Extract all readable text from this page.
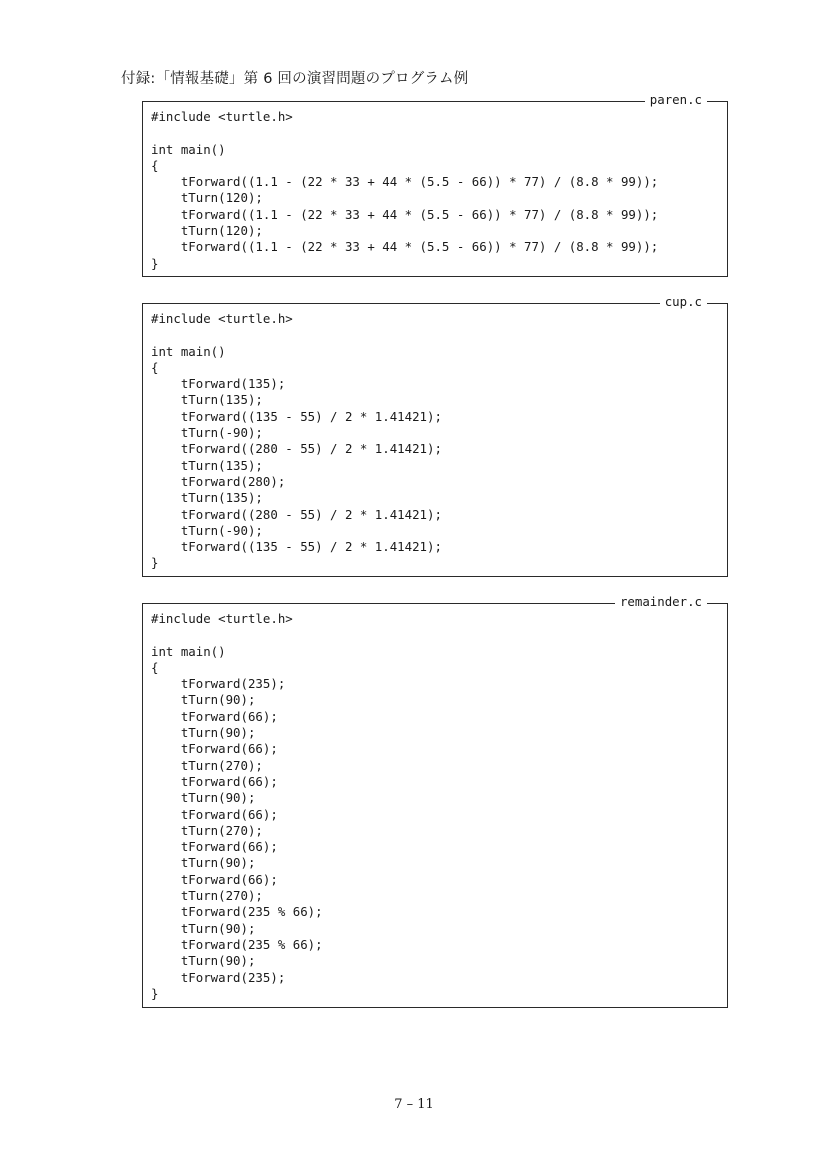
付録:「情報基礎」第 6 回の演習問題のプログラム例
paren.c
#include <turtle.h>

int main()
{
tForward((1.1 - (22 * 33 + 44 * (5.5 - 66)) * 77) / (8.8 * 99));
tTurn(120);
tForward((1.1 - (22 * 33 + 44 * (5.5 - 66)) * 77) / (8.8 * 99));
tTurn(120);
tForward((1.1 - (22 * 33 + 44 * (5.5 - 66)) * 77) / (8.8 * 99));
}
cup.c
#include <turtle.h>

int main()
{
tForward(135);
tTurn(135);
tForward((135 - 55) / 2 * 1.41421);
tTurn(-90);
tForward((280 - 55) / 2 * 1.41421);
tTurn(135);
tForward(280);
tTurn(135);
tForward((280 - 55) / 2 * 1.41421);
tTurn(-90);
tForward((135 - 55) / 2 * 1.41421);
}
remainder.c
#include <turtle.h>

int main()
{
tForward(235);
tTurn(90);
tForward(66);
tTurn(90);
tForward(66);
tTurn(270);
tForward(66);
tTurn(90);
tForward(66);
tTurn(270);
tForward(66);
tTurn(90);
tForward(66);
tTurn(270);
tForward(235 % 66);
tTurn(90);
tForward(235 % 66);
tTurn(90);
tForward(235);
}
7 – 11
